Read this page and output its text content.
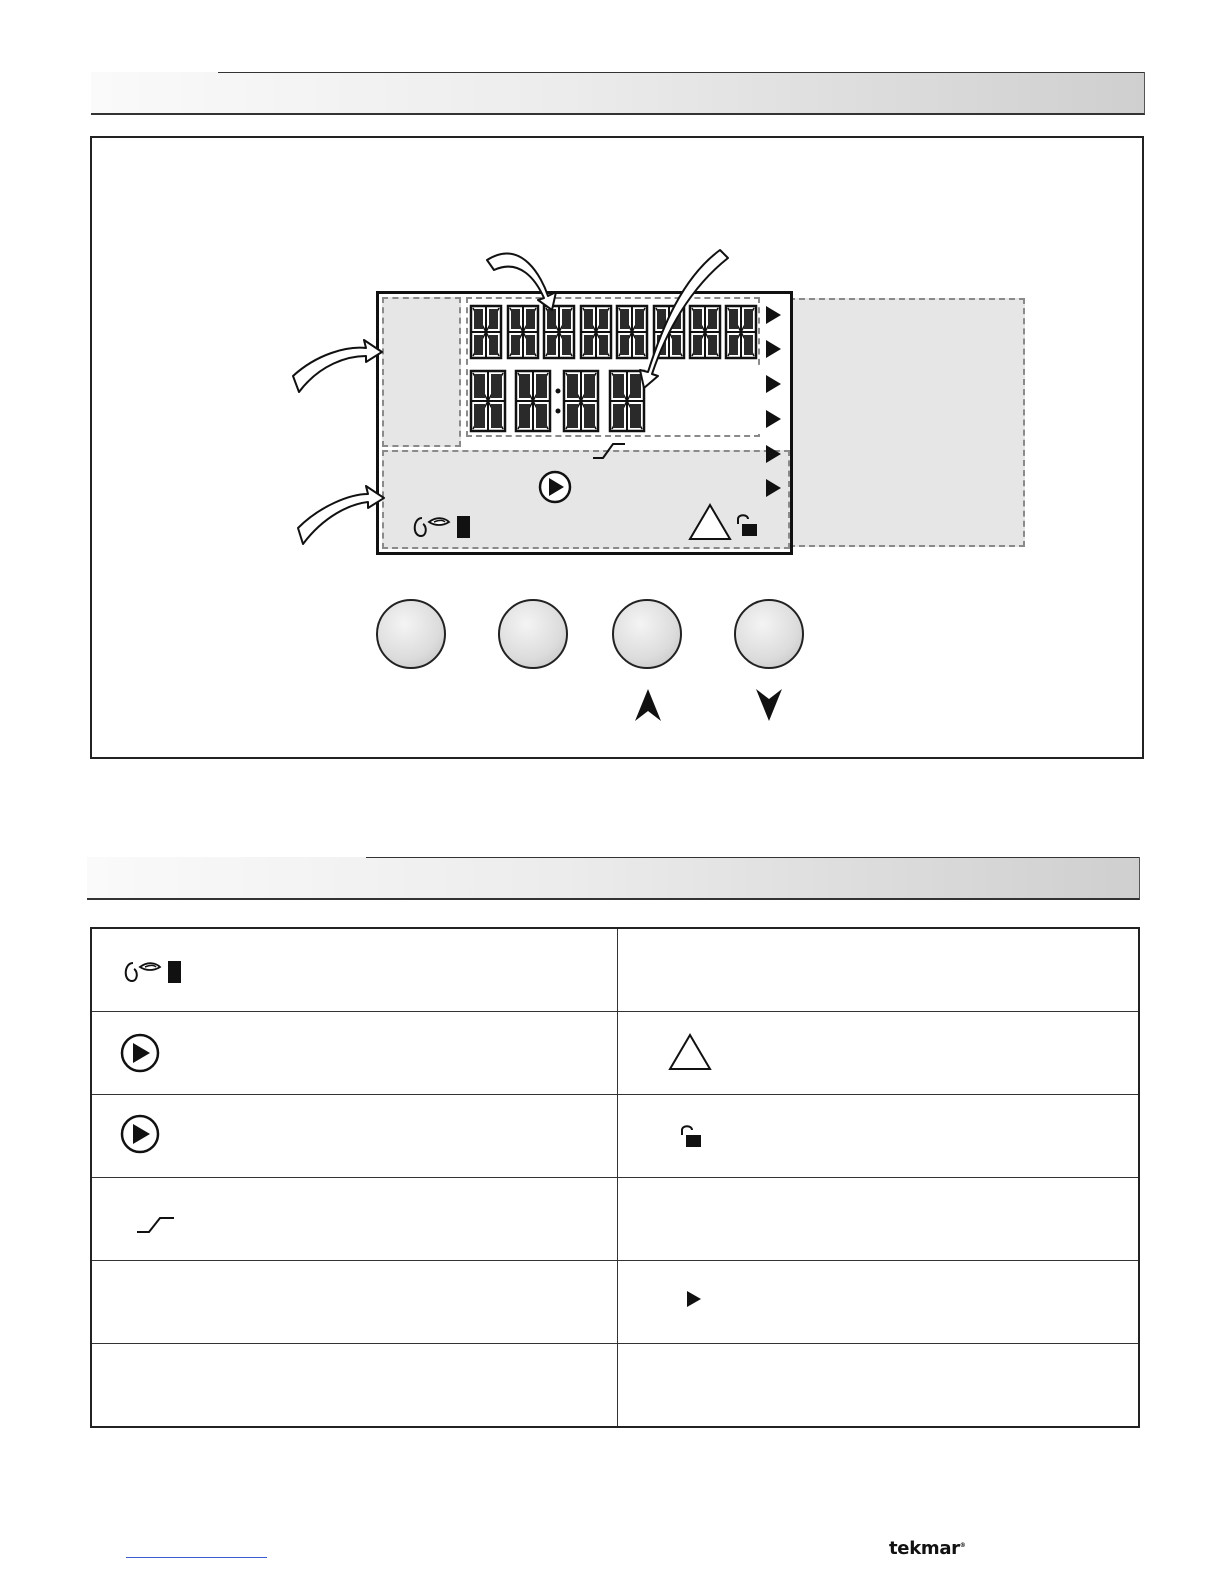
tekmar®
